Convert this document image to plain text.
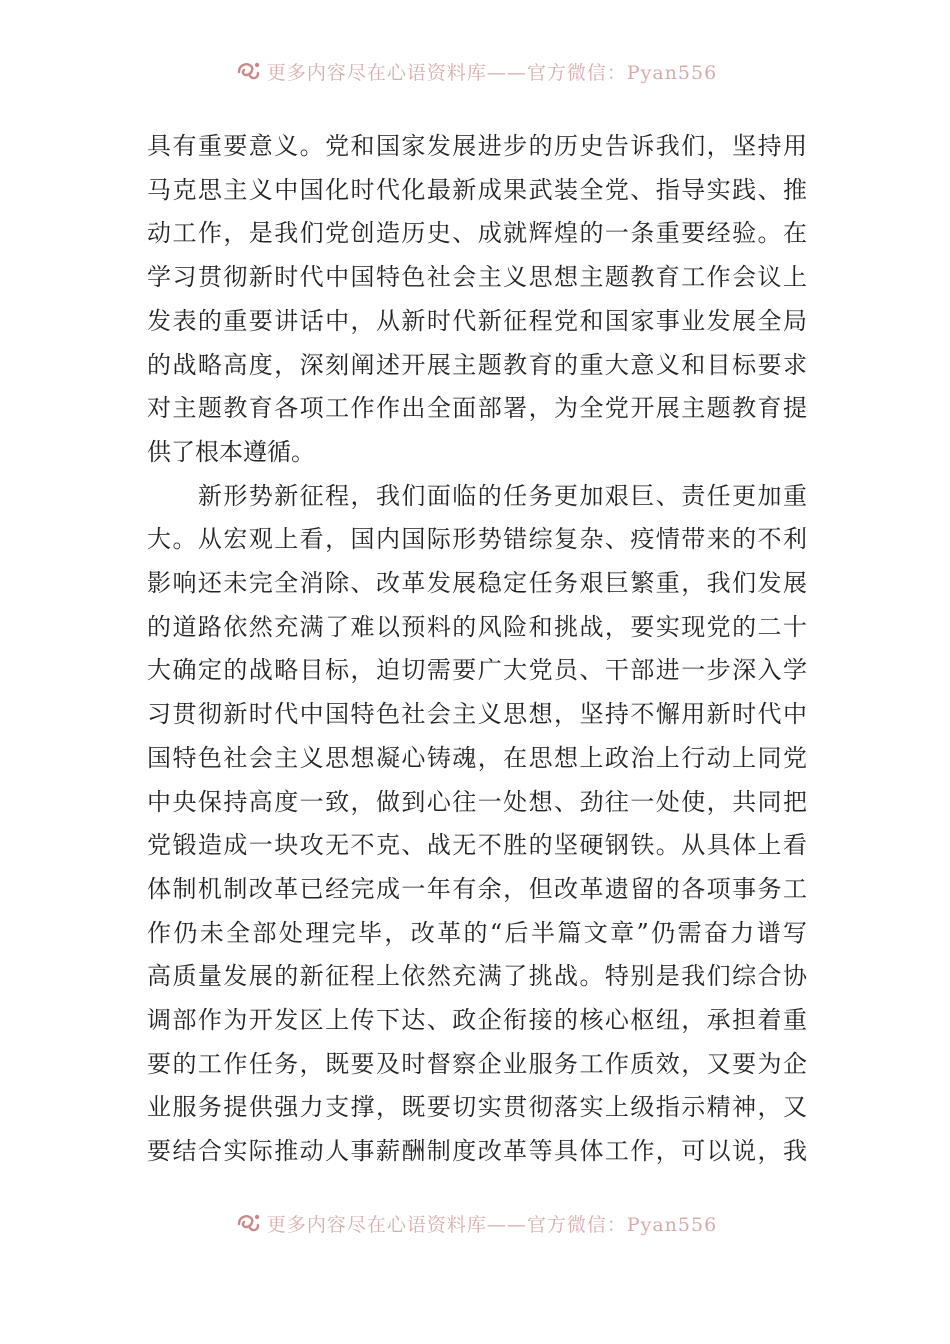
更多内容尽在心语资料库——官方微信：Pyan556
具有重要意义。党和国家发展进步的历史告诉我们，坚持用
马克思主义中国化时代化最新成果武装全党、指导实践、推
动工作，是我们党创造历史、成就辉煌的一条重要经验。在
学习贯彻新时代中国特色社会主义思想主题教育工作会议上
发表的重要讲话中，从新时代新征程党和国家事业发展全局
的战略高度，深刻阐述开展主题教育的重大意义和目标要求
对主题教育各项工作作出全面部署，为全党开展主题教育提
供了根本遵循。
　　新形势新征程，我们面临的任务更加艰巨、责任更加重
大。从宏观上看，国内国际形势错综复杂、疫情带来的不利
影响还未完全消除、改革发展稳定任务艰巨繁重，我们发展
的道路依然充满了难以预料的风险和挑战，要实现党的二十
大确定的战略目标，迫切需要广大党员、干部进一步深入学
习贯彻新时代中国特色社会主义思想，坚持不懈用新时代中
国特色社会主义思想凝心铸魂，在思想上政治上行动上同党
中央保持高度一致，做到心往一处想、劲往一处使，共同把
党锻造成一块攻无不克、战无不胜的坚硬钢铁。从具体上看
体制机制改革已经完成一年有余，但改革遗留的各项事务工
作仍未全部处理完毕，改革的“后半篇文章”仍需奋力谱写
高质量发展的新征程上依然充满了挑战。特别是我们综合协
调部作为开发区上传下达、政企衔接的核心枢纽，承担着重
要的工作任务，既要及时督察企业服务工作质效，又要为企
业服务提供强力支撑，既要切实贯彻落实上级指示精神，又
要结合实际推动人事薪酬制度改革等具体工作，可以说，我
更多内容尽在心语资料库——官方微信：Pyan556
